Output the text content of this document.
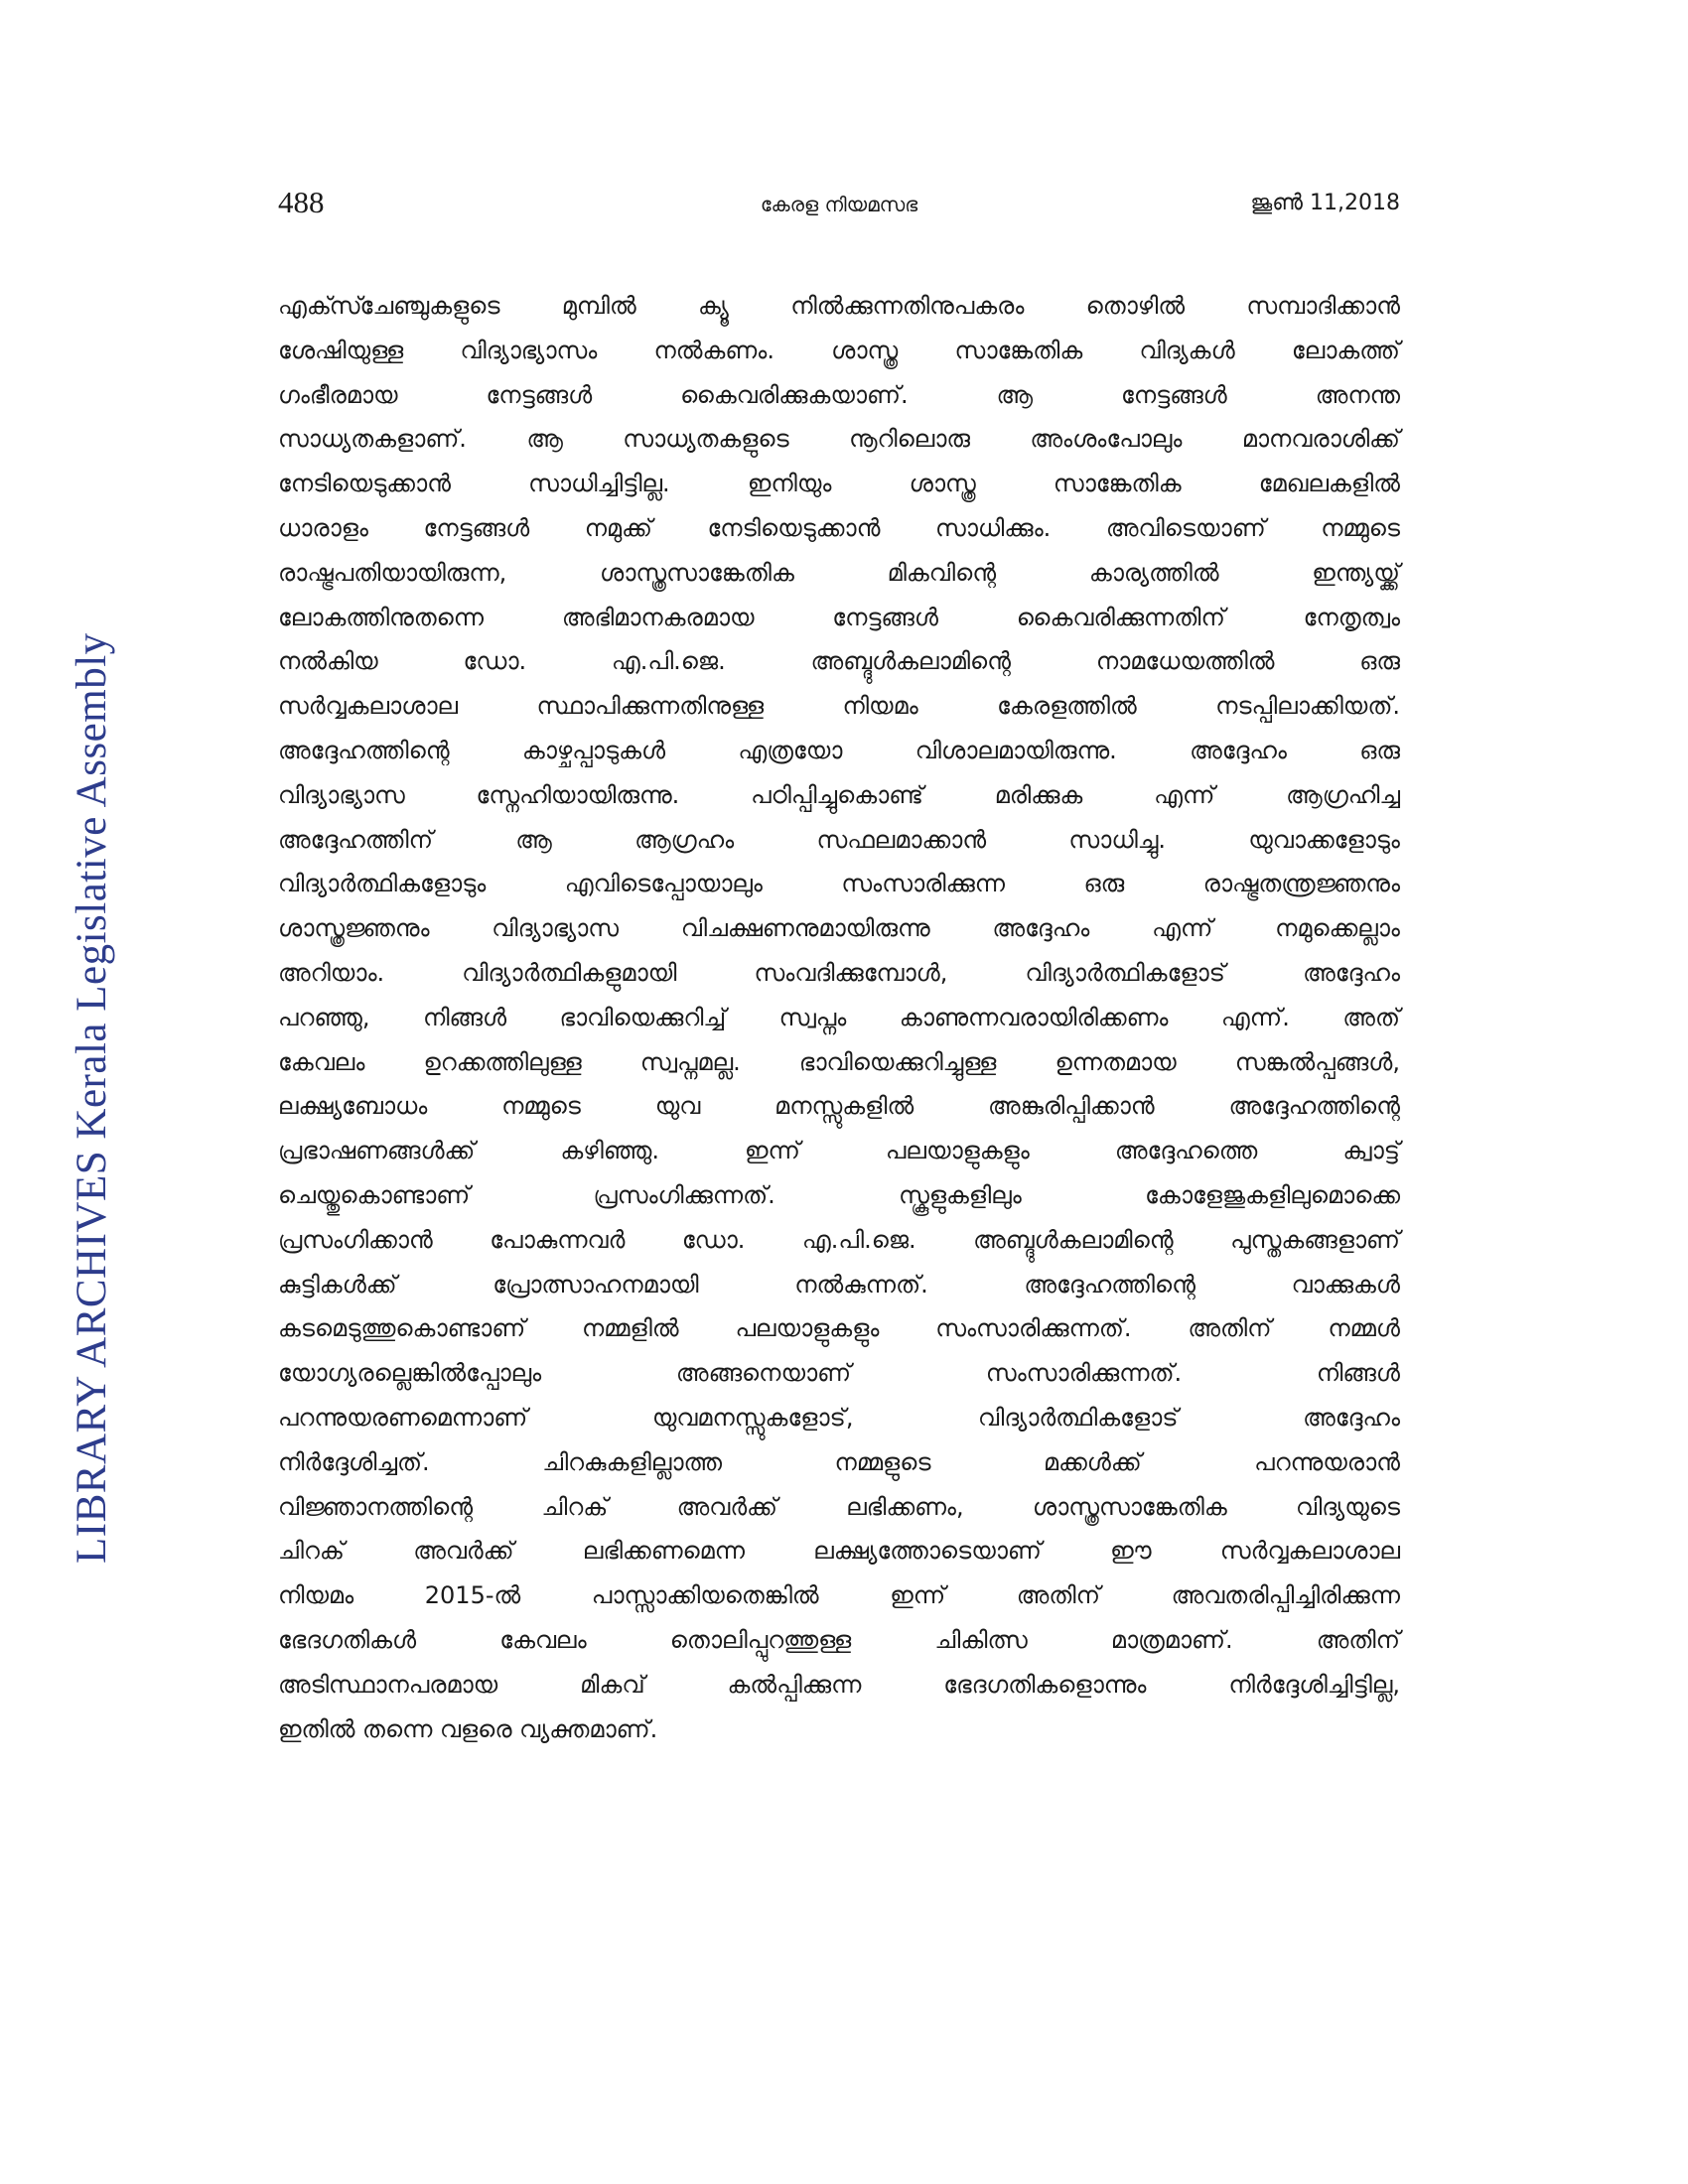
LIBRARY ARCHIVES Kerala Legislative Assembly
488	കേരള നിയമസഭ	ജൂൺ 11,2018
എക്സ്ചേഞ്ചുകളുടെ മുമ്പിൽ ക്യൂ നിൽക്കുന്നതിനുപകരം തൊഴിൽ സമ്പാദിക്കാൻ
ശേഷിയുള്ള വിദ്യാഭ്യാസം നൽകണം. ശാസ്ത്ര സാങ്കേതിക വിദ്യകൾ ലോകത്ത്
ഗംഭീരമായ നേട്ടങ്ങൾ കൈവരിക്കുകയാണ്. ആ നേട്ടങ്ങൾ അനന്ത
സാധ്യതകളാണ്. ആ സാധ്യതകളുടെ നൂറിലൊരു അംശംപോലും മാനവരാശിക്ക്
നേടിയെടുക്കാൻ സാധിച്ചിട്ടില്ല. ഇനിയും ശാസ്ത്ര സാങ്കേതിക മേഖലകളിൽ
ധാരാളം നേട്ടങ്ങൾ നമുക്ക് നേടിയെടുക്കാൻ സാധിക്കും. അവിടെയാണ് നമ്മുടെ
രാഷ്ട്രപതിയായിരുന്ന, ശാസ്ത്രസാങ്കേതിക മികവിന്റെ കാര്യത്തിൽ ഇന്ത്യയ്ക്ക്
ലോകത്തിനുതന്നെ അഭിമാനകരമായ നേട്ടങ്ങൾ കൈവരിക്കുന്നതിന് നേതൃത്വം
നൽകിയ ഡോ. എ.പി.ജെ. അബ്ദുൾകലാമിന്റെ നാമധേയത്തിൽ ഒരു
സർവ്വകലാശാല സ്ഥാപിക്കുന്നതിനുള്ള നിയമം കേരളത്തിൽ നടപ്പിലാക്കിയത്.
അദ്ദേഹത്തിന്റെ കാഴ്ചപ്പാടുകൾ എത്രയോ വിശാലമായിരുന്നു. അദ്ദേഹം ഒരു
വിദ്യാഭ്യാസ സ്നേഹിയായിരുന്നു. പഠിപ്പിച്ചുകൊണ്ട് മരിക്കുക എന്ന് ആഗ്രഹിച്ച
അദ്ദേഹത്തിന് ആ ആഗ്രഹം സഫലമാക്കാൻ സാധിച്ചു. യുവാക്കളോടും
വിദ്യാർത്ഥികളോടും എവിടെപ്പോയാലും സംസാരിക്കുന്ന ഒരു രാഷ്ട്രതന്ത്രജ്ഞനും
ശാസ്ത്രജ്ഞനും വിദ്യാഭ്യാസ വിചക്ഷണനുമായിരുന്നു അദ്ദേഹം എന്ന് നമുക്കെല്ലാം
അറിയാം. വിദ്യാർത്ഥികളുമായി സംവദിക്കുമ്പോൾ, വിദ്യാർത്ഥികളോട് അദ്ദേഹം
പറഞ്ഞു, നിങ്ങൾ ഭാവിയെക്കുറിച്ച് സ്വപ്നം കാണുന്നവരായിരിക്കണം എന്ന്. അത്
കേവലം ഉറക്കത്തിലുള്ള സ്വപ്നമല്ല. ഭാവിയെക്കുറിച്ചുള്ള ഉന്നതമായ സങ്കൽപ്പങ്ങൾ,
ലക്ഷ്യബോധം നമ്മുടെ യുവ മനസ്സുകളിൽ അങ്കുരിപ്പിക്കാൻ അദ്ദേഹത്തിന്റെ
പ്രഭാഷണങ്ങൾക്ക് കഴിഞ്ഞു. ഇന്ന് പലയാളുകളും അദ്ദേഹത്തെ ക്വാട്ട്
ചെയ്തുകൊണ്ടാണ് പ്രസംഗിക്കുന്നത്. സ്കൂളുകളിലും കോളേജുകളിലുമൊക്കെ
പ്രസംഗിക്കാൻ പോകുന്നവർ ഡോ. എ.പി.ജെ. അബ്ദുൾകലാമിന്റെ പുസ്തകങ്ങളാണ്
കുട്ടികൾക്ക് പ്രോത്സാഹനമായി നൽകുന്നത്. അദ്ദേഹത്തിന്റെ വാക്കുകൾ
കടമെടുത്തുകൊണ്ടാണ് നമ്മളിൽ പലയാളുകളും സംസാരിക്കുന്നത്. അതിന് നമ്മൾ
യോഗ്യരല്ലെങ്കിൽപ്പോലും അങ്ങനെയാണ് സംസാരിക്കുന്നത്. നിങ്ങൾ
പറന്നുയരണമെന്നാണ് യുവമനസ്സുകളോട്, വിദ്യാർത്ഥികളോട് അദ്ദേഹം
നിർദ്ദേശിച്ചത്. ചിറകുകളില്ലാത്ത നമ്മളുടെ മക്കൾക്ക് പറന്നുയരാൻ
വിജ്ഞാനത്തിന്റെ ചിറക് അവർക്ക് ലഭിക്കണം, ശാസ്ത്രസാങ്കേതിക വിദ്യയുടെ
ചിറക് അവർക്ക് ലഭിക്കണമെന്ന ലക്ഷ്യത്തോടെയാണ് ഈ സർവ്വകലാശാല
നിയമം 2015-ൽ പാസ്സാക്കിയതെങ്കിൽ ഇന്ന് അതിന് അവതരിപ്പിച്ചിരിക്കുന്ന
ഭേദഗതികൾ കേവലം തൊലിപ്പുറത്തുള്ള ചികിത്സ മാത്രമാണ്. അതിന്
അടിസ്ഥാനപരമായ മികവ് കൽപ്പിക്കുന്ന ഭേദഗതികളൊന്നും നിർദ്ദേശിച്ചിട്ടില്ല,
ഇതിൽ തന്നെ വളരെ വ്യക്തമാണ്.
